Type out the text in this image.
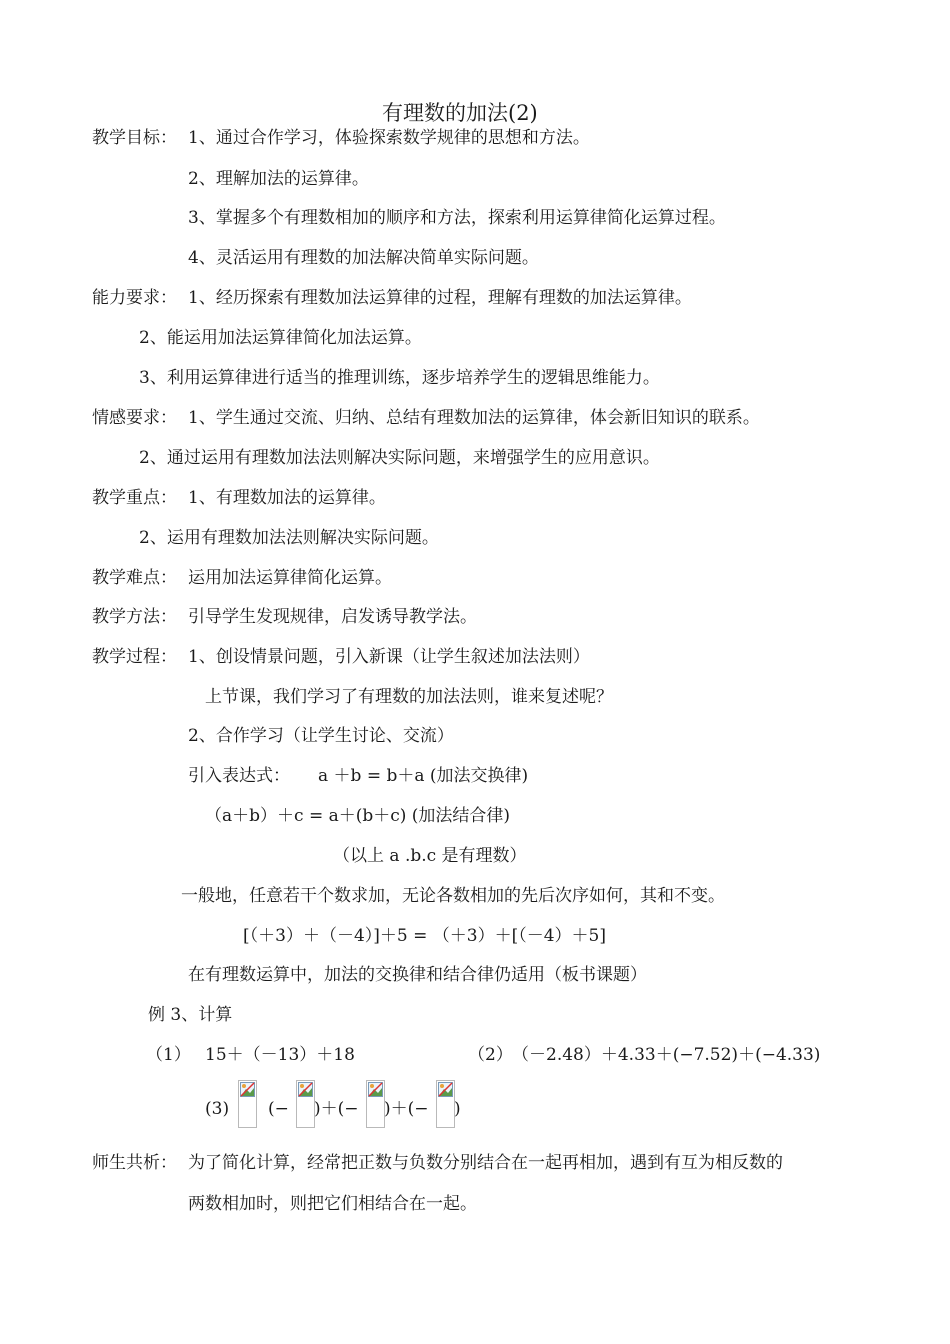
有理数的加法(2)
教学目标： 1、通过合作学习，体验探索数学规律的思想和方法。
2、理解加法的运算律。
3、掌握多个有理数相加的顺序和方法，探索利用运算律简化运算过程。
4、灵活运用有理数的加法解决简单实际问题。
能力要求： 1、经历探索有理数加法运算律的过程，理解有理数的加法运算律。
2、能运用加法运算律简化加法运算。
3、利用运算律进行适当的推理训练，逐步培养学生的逻辑思维能力。
情感要求： 1、学生通过交流、归纳、总结有理数加法的运算律，体会新旧知识的联系。
2、通过运用有理数加法法则解决实际问题，来增强学生的应用意识。
教学重点： 1、有理数加法的运算律。
2、运用有理数加法法则解决实际问题。
教学难点： 运用加法运算律简化运算。
教学方法： 引导学生发现规律，启发诱导教学法。
教学过程： 1、创设情景问题，引入新课（让学生叙述加法法则）
上节课，我们学习了有理数的加法法则，谁来复述呢？
2、合作学习（让学生讨论、交流）
引入表达式： a ＋b = b＋a (加法交换律)
（a＋b）＋c = a＋(b＋c) (加法结合律)
（以上 a .b.c 是有理数）
一般地，任意若干个数求加，无论各数相加的先后次序如何，其和不变。
[（＋3）＋（－4）]＋5 = （＋3）＋[（－4）＋5]
在有理数运算中，加法的交换律和结合律仍适用（板书课题）
例 3、计算
（1） 15＋（－13）＋18	（2） （－2.48）＋4.33＋(−7.52)＋(−4.33)
(3) (− )＋(− )＋(− )
师生共析： 为了简化计算，经常把正数与负数分别结合在一起再相加，遇到有互为相反数的
两数相加时，则把它们相结合在一起。
